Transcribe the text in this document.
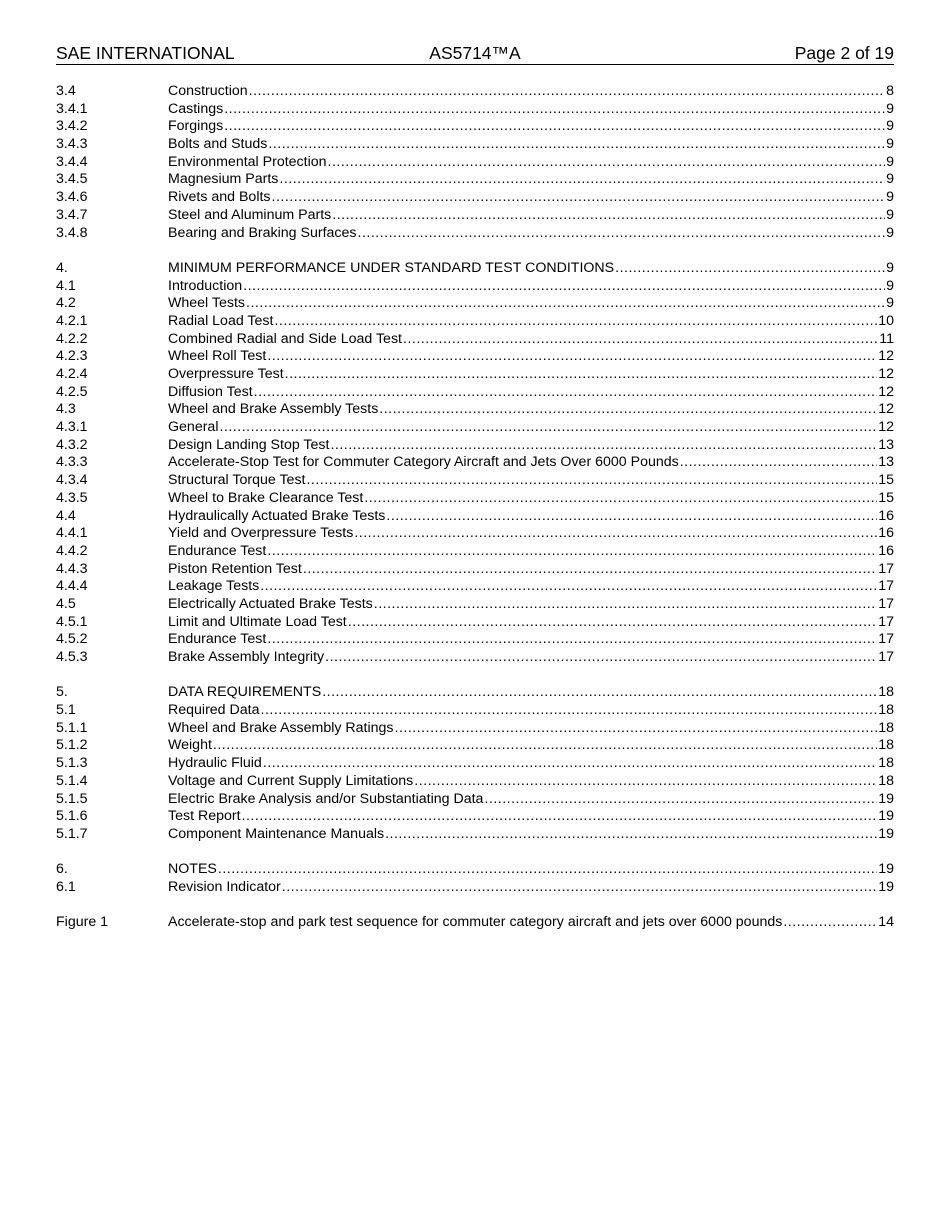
SAE INTERNATIONAL	AS5714™A	Page 2 of 19
3.4	Construction .....	8
3.4.1	Castings .....	9
3.4.2	Forgings .....	9
3.4.3	Bolts and Studs .....	9
3.4.4	Environmental Protection .....	9
3.4.5	Magnesium Parts .....	9
3.4.6	Rivets and Bolts .....	9
3.4.7	Steel and Aluminum Parts .....	9
3.4.8	Bearing and Braking Surfaces .....	9
4.	MINIMUM PERFORMANCE UNDER STANDARD TEST CONDITIONS .....	9
4.1	Introduction .....	9
4.2	Wheel Tests .....	9
4.2.1	Radial Load Test .....	10
4.2.2	Combined Radial and Side Load Test .....	11
4.2.3	Wheel Roll Test .....	12
4.2.4	Overpressure Test .....	12
4.2.5	Diffusion Test .....	12
4.3	Wheel and Brake Assembly Tests .....	12
4.3.1	General .....	12
4.3.2	Design Landing Stop Test .....	13
4.3.3	Accelerate-Stop Test for Commuter Category Aircraft and Jets Over 6000 Pounds .....	13
4.3.4	Structural Torque Test .....	15
4.3.5	Wheel to Brake Clearance Test .....	15
4.4	Hydraulically Actuated Brake Tests .....	16
4.4.1	Yield and Overpressure Tests .....	16
4.4.2	Endurance Test .....	16
4.4.3	Piston Retention Test .....	17
4.4.4	Leakage Tests .....	17
4.5	Electrically Actuated Brake Tests .....	17
4.5.1	Limit and Ultimate Load Test .....	17
4.5.2	Endurance Test .....	17
4.5.3	Brake Assembly Integrity .....	17
5.	DATA REQUIREMENTS .....	18
5.1	Required Data .....	18
5.1.1	Wheel and Brake Assembly Ratings .....	18
5.1.2	Weight .....	18
5.1.3	Hydraulic Fluid .....	18
5.1.4	Voltage and Current Supply Limitations .....	18
5.1.5	Electric Brake Analysis and/or Substantiating Data .....	19
5.1.6	Test Report .....	19
5.1.7	Component Maintenance Manuals .....	19
6.	NOTES .....	19
6.1	Revision Indicator .....	19
Figure 1	Accelerate-stop and park test sequence for commuter category aircraft and jets over 6000 pounds .....	14
